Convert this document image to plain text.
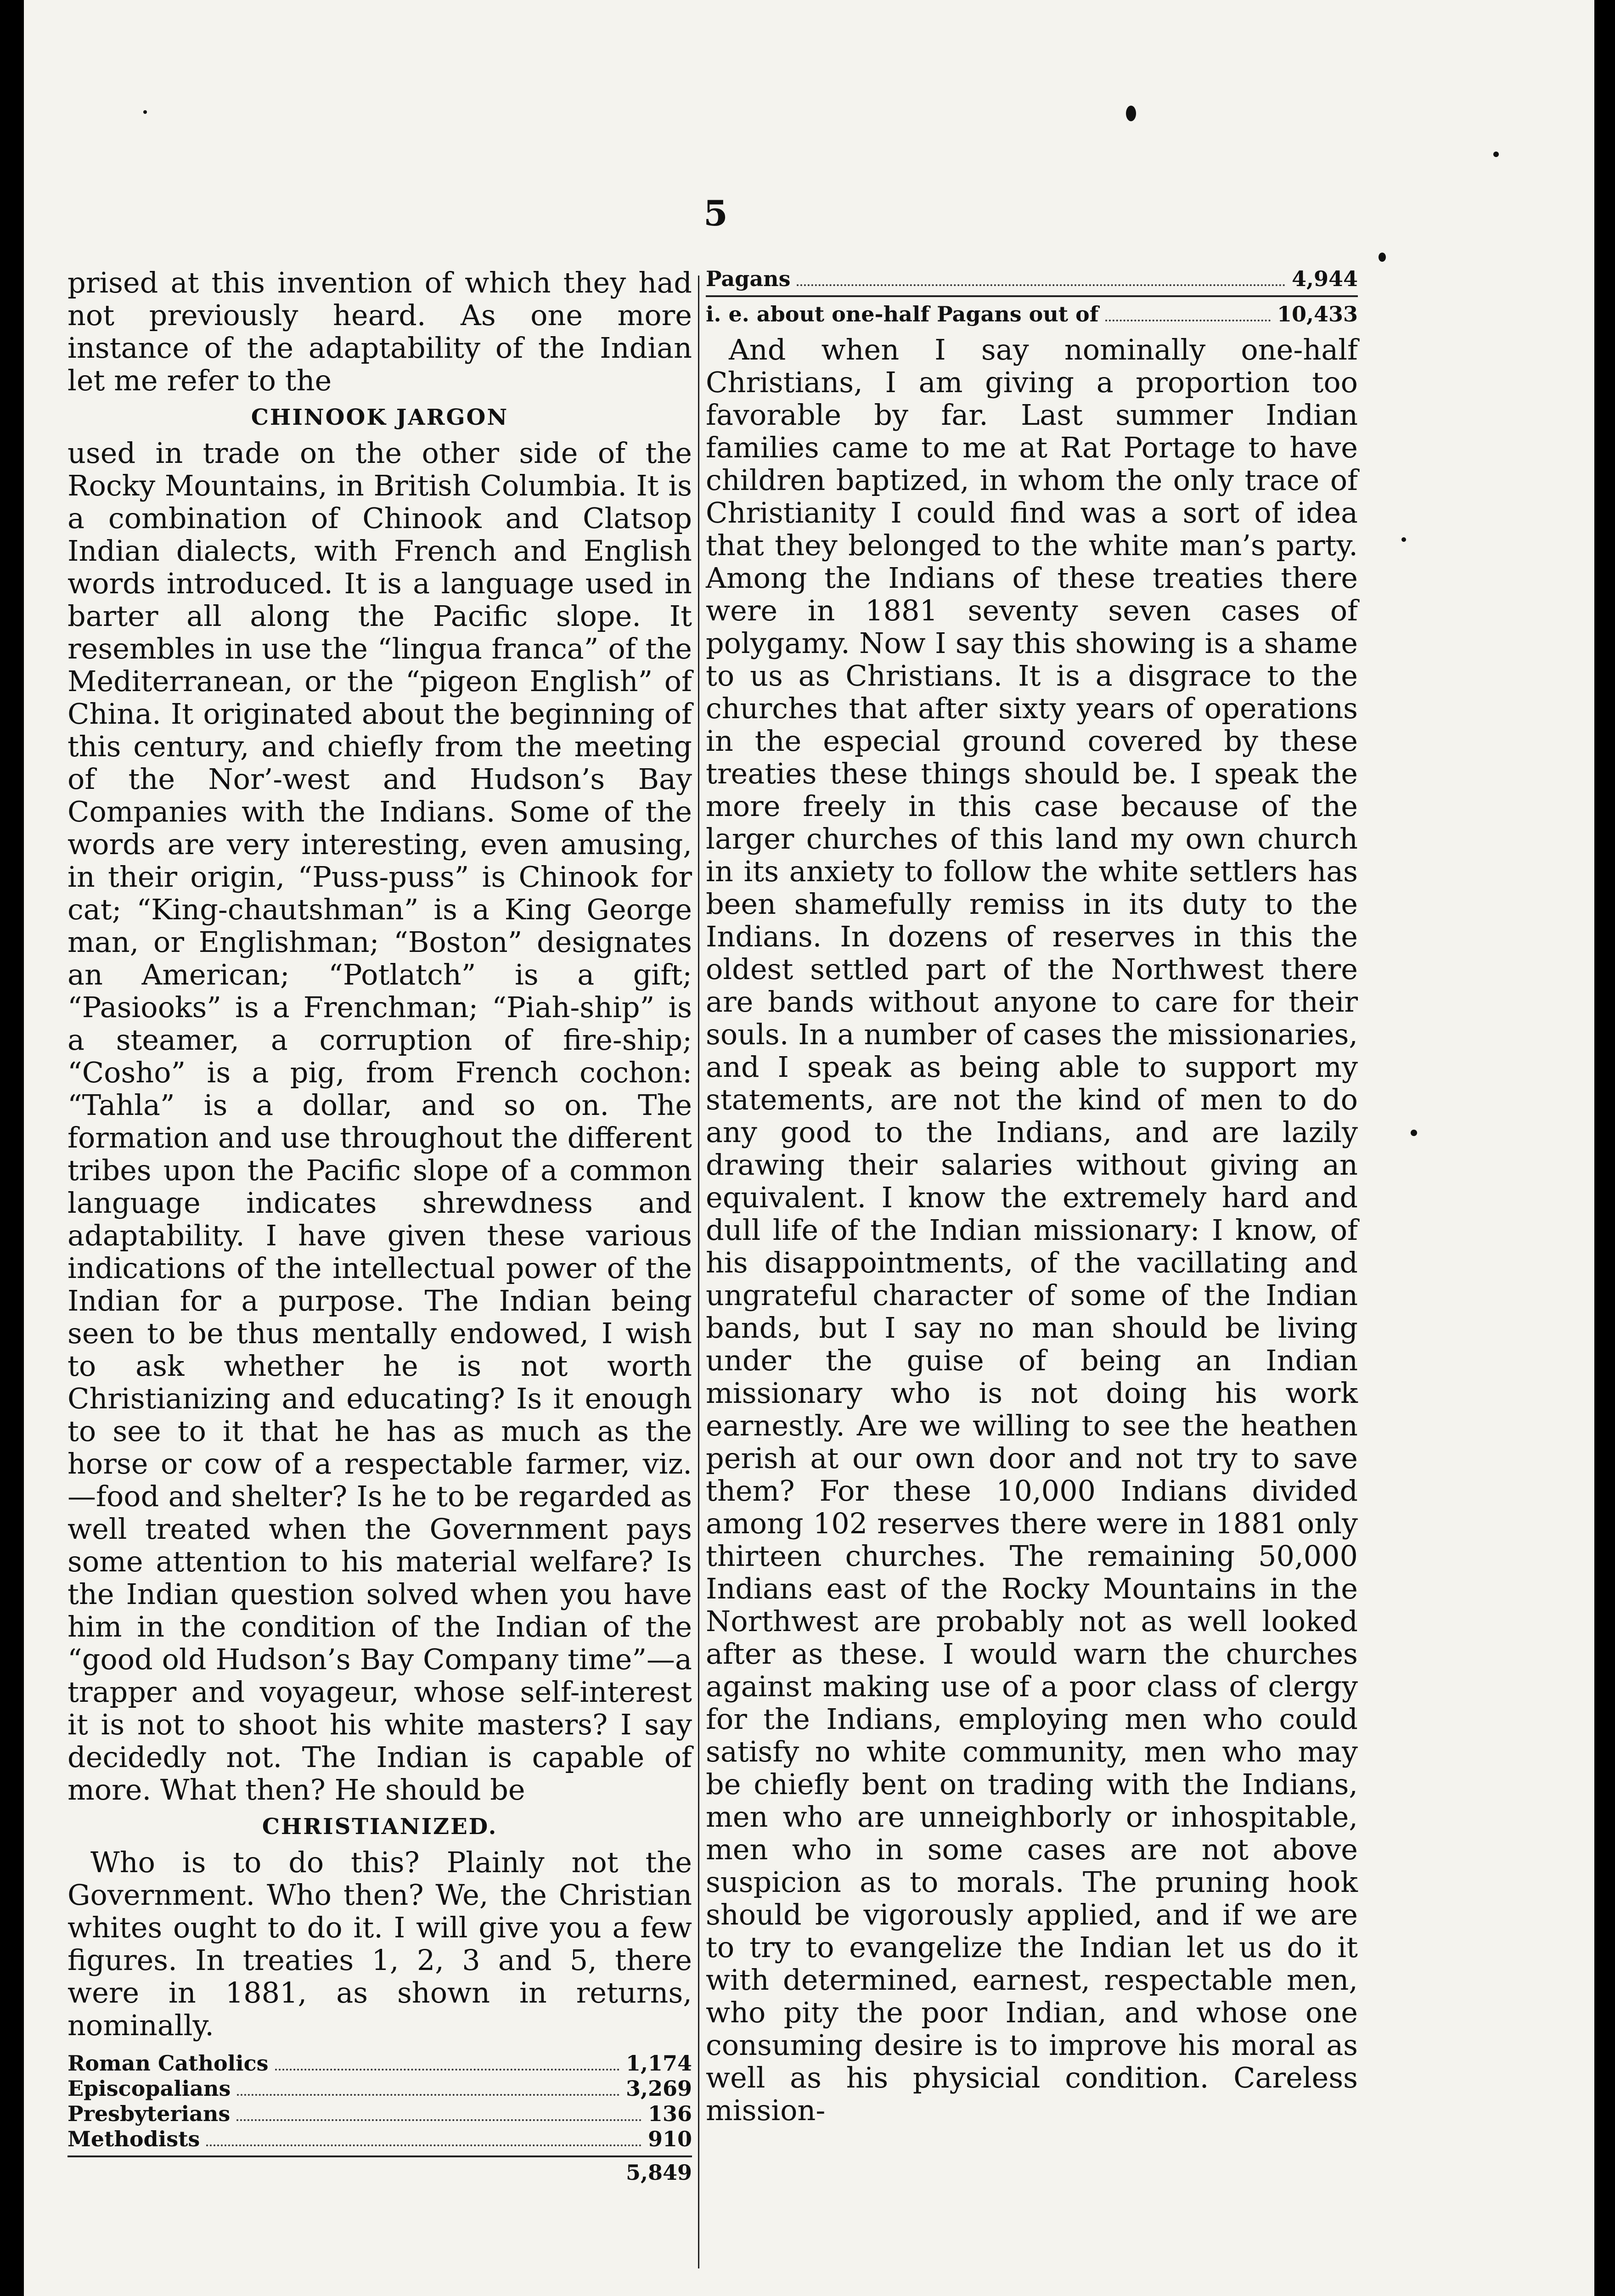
5

prised at this invention of which they had not previously heard. As one more instance of the adaptability of the Indian let me refer to the

CHINOOK JARGON

used in trade on the other side of the Rocky Mountains, in British Columbia. It is a combination of Chinook and Clatsop Indian dialects, with French and English words introduced. It is a language used in barter all along the Pacific slope. It resembles in use the “lingua franca” of the Mediterranean, or the “pigeon English” of China. It originated about the beginning of this century, and chiefly from the meeting of the Nor’-west and Hudson’s Bay Companies with the Indians. Some of the words are very interesting, even amusing, in their origin, “Puss-puss” is Chinook for cat; “King-chautshman” is a King George man, or Englishman; “Boston” designates an American; “Potlatch” is a gift; “Pasiooks” is a Frenchman; “Piah-ship” is a steamer, a corruption of fire-ship; “Cosho” is a pig, from French cochon: “Tahla” is a dollar, and so on. The formation and use throughout the different tribes upon the Pacific slope of a common language indicates shrewdness and adaptability. I have given these various indications of the intellectual power of the Indian for a purpose. The Indian being seen to be thus mentally endowed, I wish to ask whether he is not worth Christianizing and educating? Is it enough to see to it that he has as much as the horse or cow of a respectable farmer, viz.—food and shelter? Is he to be regarded as well treated when the Government pays some attention to his material welfare? Is the Indian question solved when you have him in the condition of the Indian of the “good old Hudson’s Bay Company time”—a trapper and voyageur, whose self-interest it is not to shoot his white masters? I say decidedly not. The Indian is capable of more. What then? He should be

CHRISTIANIZED.

Who is to do this? Plainly not the Government. Who then? We, the Christian whites ought to do it. I will give you a few figures. In treaties 1, 2, 3 and 5, there were in 1881, as shown in returns, nominally.

Roman Catholics	1,174
Episcopalians	3,269
Presbyterians	136
Methodists	910
5,849
Pagans	4,944
i. e. about one-half Pagans out of	10,433

And when I say nominally one-half Christians, I am giving a proportion too favorable by far. Last summer Indian families came to me at Rat Portage to have children baptized, in whom the only trace of Christianity I could find was a sort of idea that they belonged to the white man’s party. Among the Indians of these treaties there were in 1881 seventy seven cases of polygamy. Now I say this showing is a shame to us as Christians. It is a disgrace to the churches that after sixty years of operations in the especial ground covered by these treaties these things should be. I speak the more freely in this case because of the larger churches of this land my own church in its anxiety to follow the white settlers has been shamefully remiss in its duty to the Indians. In dozens of reserves in this the oldest settled part of the Northwest there are bands without anyone to care for their souls. In a number of cases the missionaries, and I speak as being able to support my statements, are not the kind of men to do any good to the Indians, and are lazily drawing their salaries without giving an equivalent. I know the extremely hard and dull life of the Indian missionary: I know, of his disappointments, of the vacillating and ungrateful character of some of the Indian bands, but I say no man should be living under the guise of being an Indian missionary who is not doing his work earnestly. Are we willing to see the heathen perish at our own door and not try to save them? For these 10,000 Indians divided among 102 reserves there were in 1881 only thirteen churches. The remaining 50,000 Indians east of the Rocky Mountains in the Northwest are probably not as well looked after as these. I would warn the churches against making use of a poor class of clergy for the Indians, employing men who could satisfy no white community, men who may be chiefly bent on trading with the Indians, men who are unneighborly or inhospitable, men who in some cases are not above suspicion as to morals. The pruning hook should be vigorously applied, and if we are to try to evangelize the Indian let us do it with determined, earnest, respectable men, who pity the poor Indian, and whose one consuming desire is to improve his moral as well as his physicial condition. Careless mission-
